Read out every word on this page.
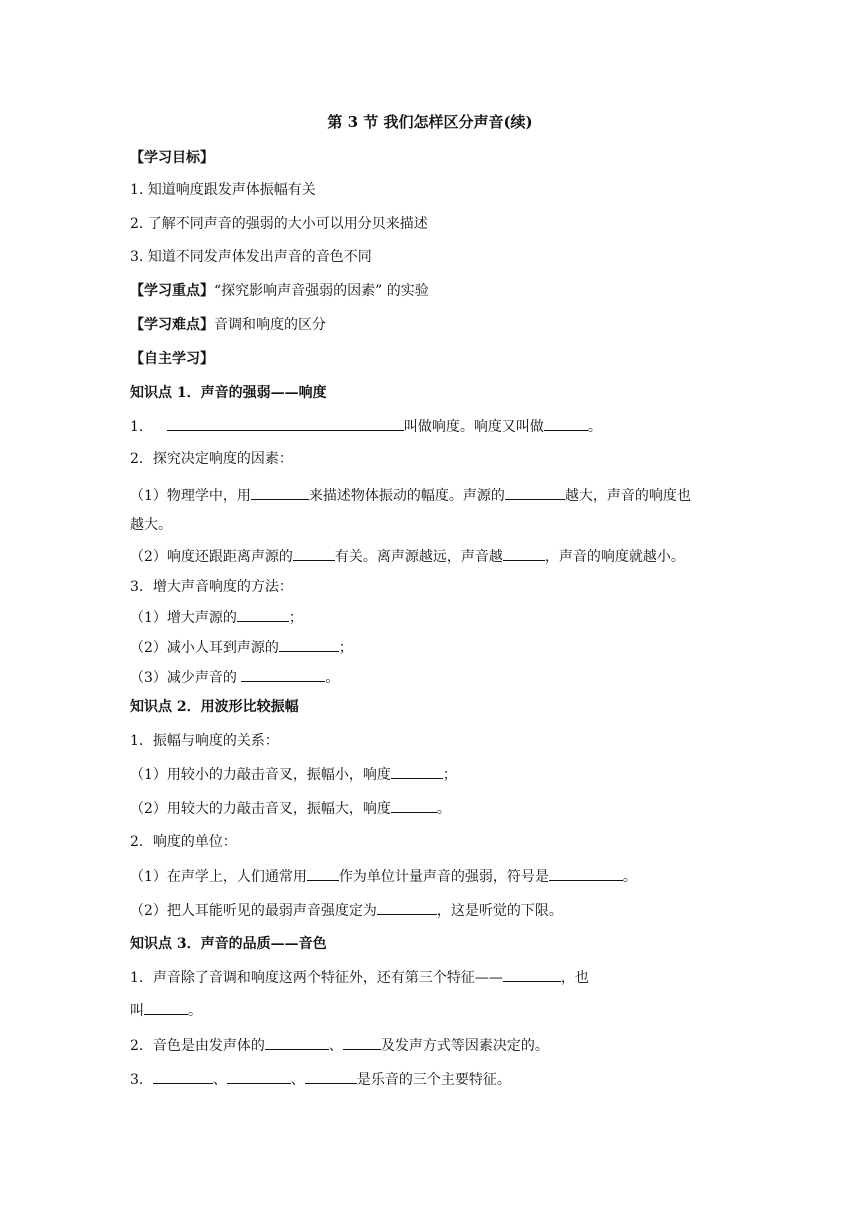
第 3 节 我们怎样区分声音(续)
【学习目标】
1. 知道响度跟发声体振幅有关
2. 了解不同声音的强弱的大小可以用分贝来描述
3. 知道不同发声体发出声音的音色不同
【学习重点】“探究影响声音强弱的因素” 的实验
【学习难点】音调和响度的区分
【自主学习】
知识点 1．声音的强弱——响度
1．	叫做响度。响度又叫做	。
2．探究决定响度的因素：
（1）物理学中，用	来描述物体振动的幅度。声源的	越大，声音的响度也
越大。
（2）响度还跟距离声源的	有关。离声源越远，声音越	，声音的响度就越小。
3．增大声音响度的方法：
（1）增大声源的	；
（2）减小人耳到声源的	；
（3）减少声音的	。
知识点 2．用波形比较振幅
1．振幅与响度的关系：
（1）用较小的力敲击音叉，振幅小，响度	；
（2）用较大的力敲击音叉，振幅大，响度	。
2．响度的单位：
（1）在声学上，人们通常用 作为单位计量声音的强弱，符号是	。
（2）把人耳能听见的最弱声音强度定为	，这是听觉的下限。
知识点 3．声音的品质——音色
1．声音除了音调和响度这两个特征外，还有第三个特征——	，也
叫	。
2．音色是由发声体的	、	及发声方式等因素决定的。
3．	、	、	是乐音的三个主要特征。
